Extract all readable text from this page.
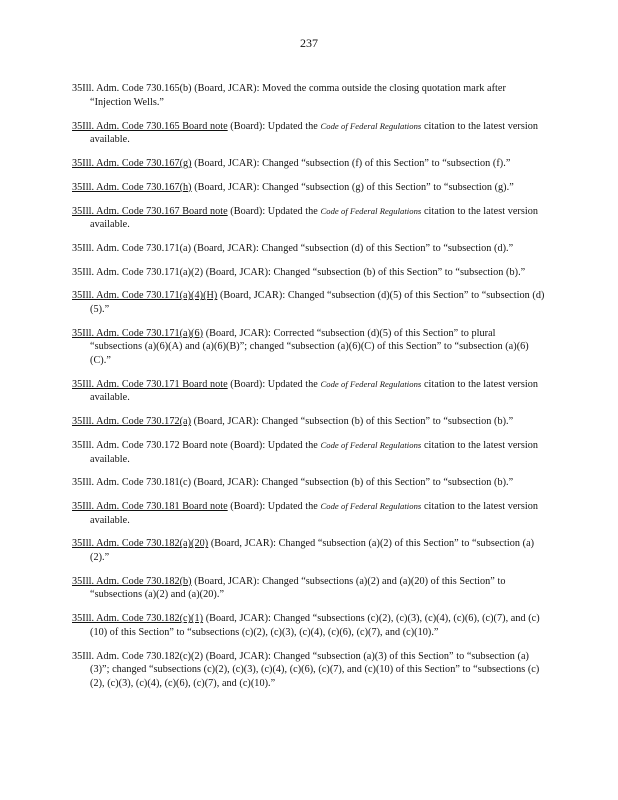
237

35Ill. Adm. Code 730.165(b) (Board, JCAR): Moved the comma outside the closing quotation mark after “Injection Wells.”

35Ill. Adm. Code 730.165 Board note (Board): Updated the Code of Federal Regulations citation to the latest version available.

35Ill. Adm. Code 730.167(g) (Board, JCAR): Changed “subsection (f) of this Section” to “subsection (f).”

35Ill. Adm. Code 730.167(h) (Board, JCAR): Changed “subsection (g) of this Section” to “subsection (g).”

35Ill. Adm. Code 730.167 Board note (Board): Updated the Code of Federal Regulations citation to the latest version available.

35Ill. Adm. Code 730.171(a) (Board, JCAR): Changed “subsection (d) of this Section” to “subsection (d).”

35Ill. Adm. Code 730.171(a)(2) (Board, JCAR): Changed “subsection (b) of this Section” to “subsection (b).”

35Ill. Adm. Code 730.171(a)(4)(H) (Board, JCAR): Changed “subsection (d)(5) of this Section” to “subsection (d)(5).”

35Ill. Adm. Code 730.171(a)(6) (Board, JCAR): Corrected “subsection (d)(5) of this Section” to plural “subsections (a)(6)(A) and (a)(6)(B)”; changed “subsection (a)(6)(C) of this Section” to “subsection (a)(6)(C).”

35Ill. Adm. Code 730.171 Board note (Board): Updated the Code of Federal Regulations citation to the latest version available.

35Ill. Adm. Code 730.172(a) (Board, JCAR): Changed “subsection (b) of this Section” to “subsection (b).”

35Ill. Adm. Code 730.172 Board note (Board): Updated the Code of Federal Regulations citation to the latest version available.

35Ill. Adm. Code 730.181(c) (Board, JCAR): Changed “subsection (b) of this Section” to “subsection (b).”

35Ill. Adm. Code 730.181 Board note (Board): Updated the Code of Federal Regulations citation to the latest version available.

35Ill. Adm. Code 730.182(a)(20) (Board, JCAR): Changed “subsection (a)(2) of this Section” to “subsection (a)(2).”

35Ill. Adm. Code 730.182(b) (Board, JCAR): Changed “subsections (a)(2) and (a)(20) of this Section” to “subsections (a)(2) and (a)(20).”

35Ill. Adm. Code 730.182(c)(1) (Board, JCAR): Changed “subsections (c)(2), (c)(3), (c)(4), (c)(6), (c)(7), and (c)(10) of this Section” to “subsections (c)(2), (c)(3), (c)(4), (c)(6), (c)(7), and (c)(10).”

35Ill. Adm. Code 730.182(c)(2) (Board, JCAR): Changed “subsection (a)(3) of this Section” to “subsection (a)(3)”; changed “subsections (c)(2), (c)(3), (c)(4), (c)(6), (c)(7), and (c)(10) of this Section” to “subsections (c)(2), (c)(3), (c)(4), (c)(6), (c)(7), and (c)(10).”
